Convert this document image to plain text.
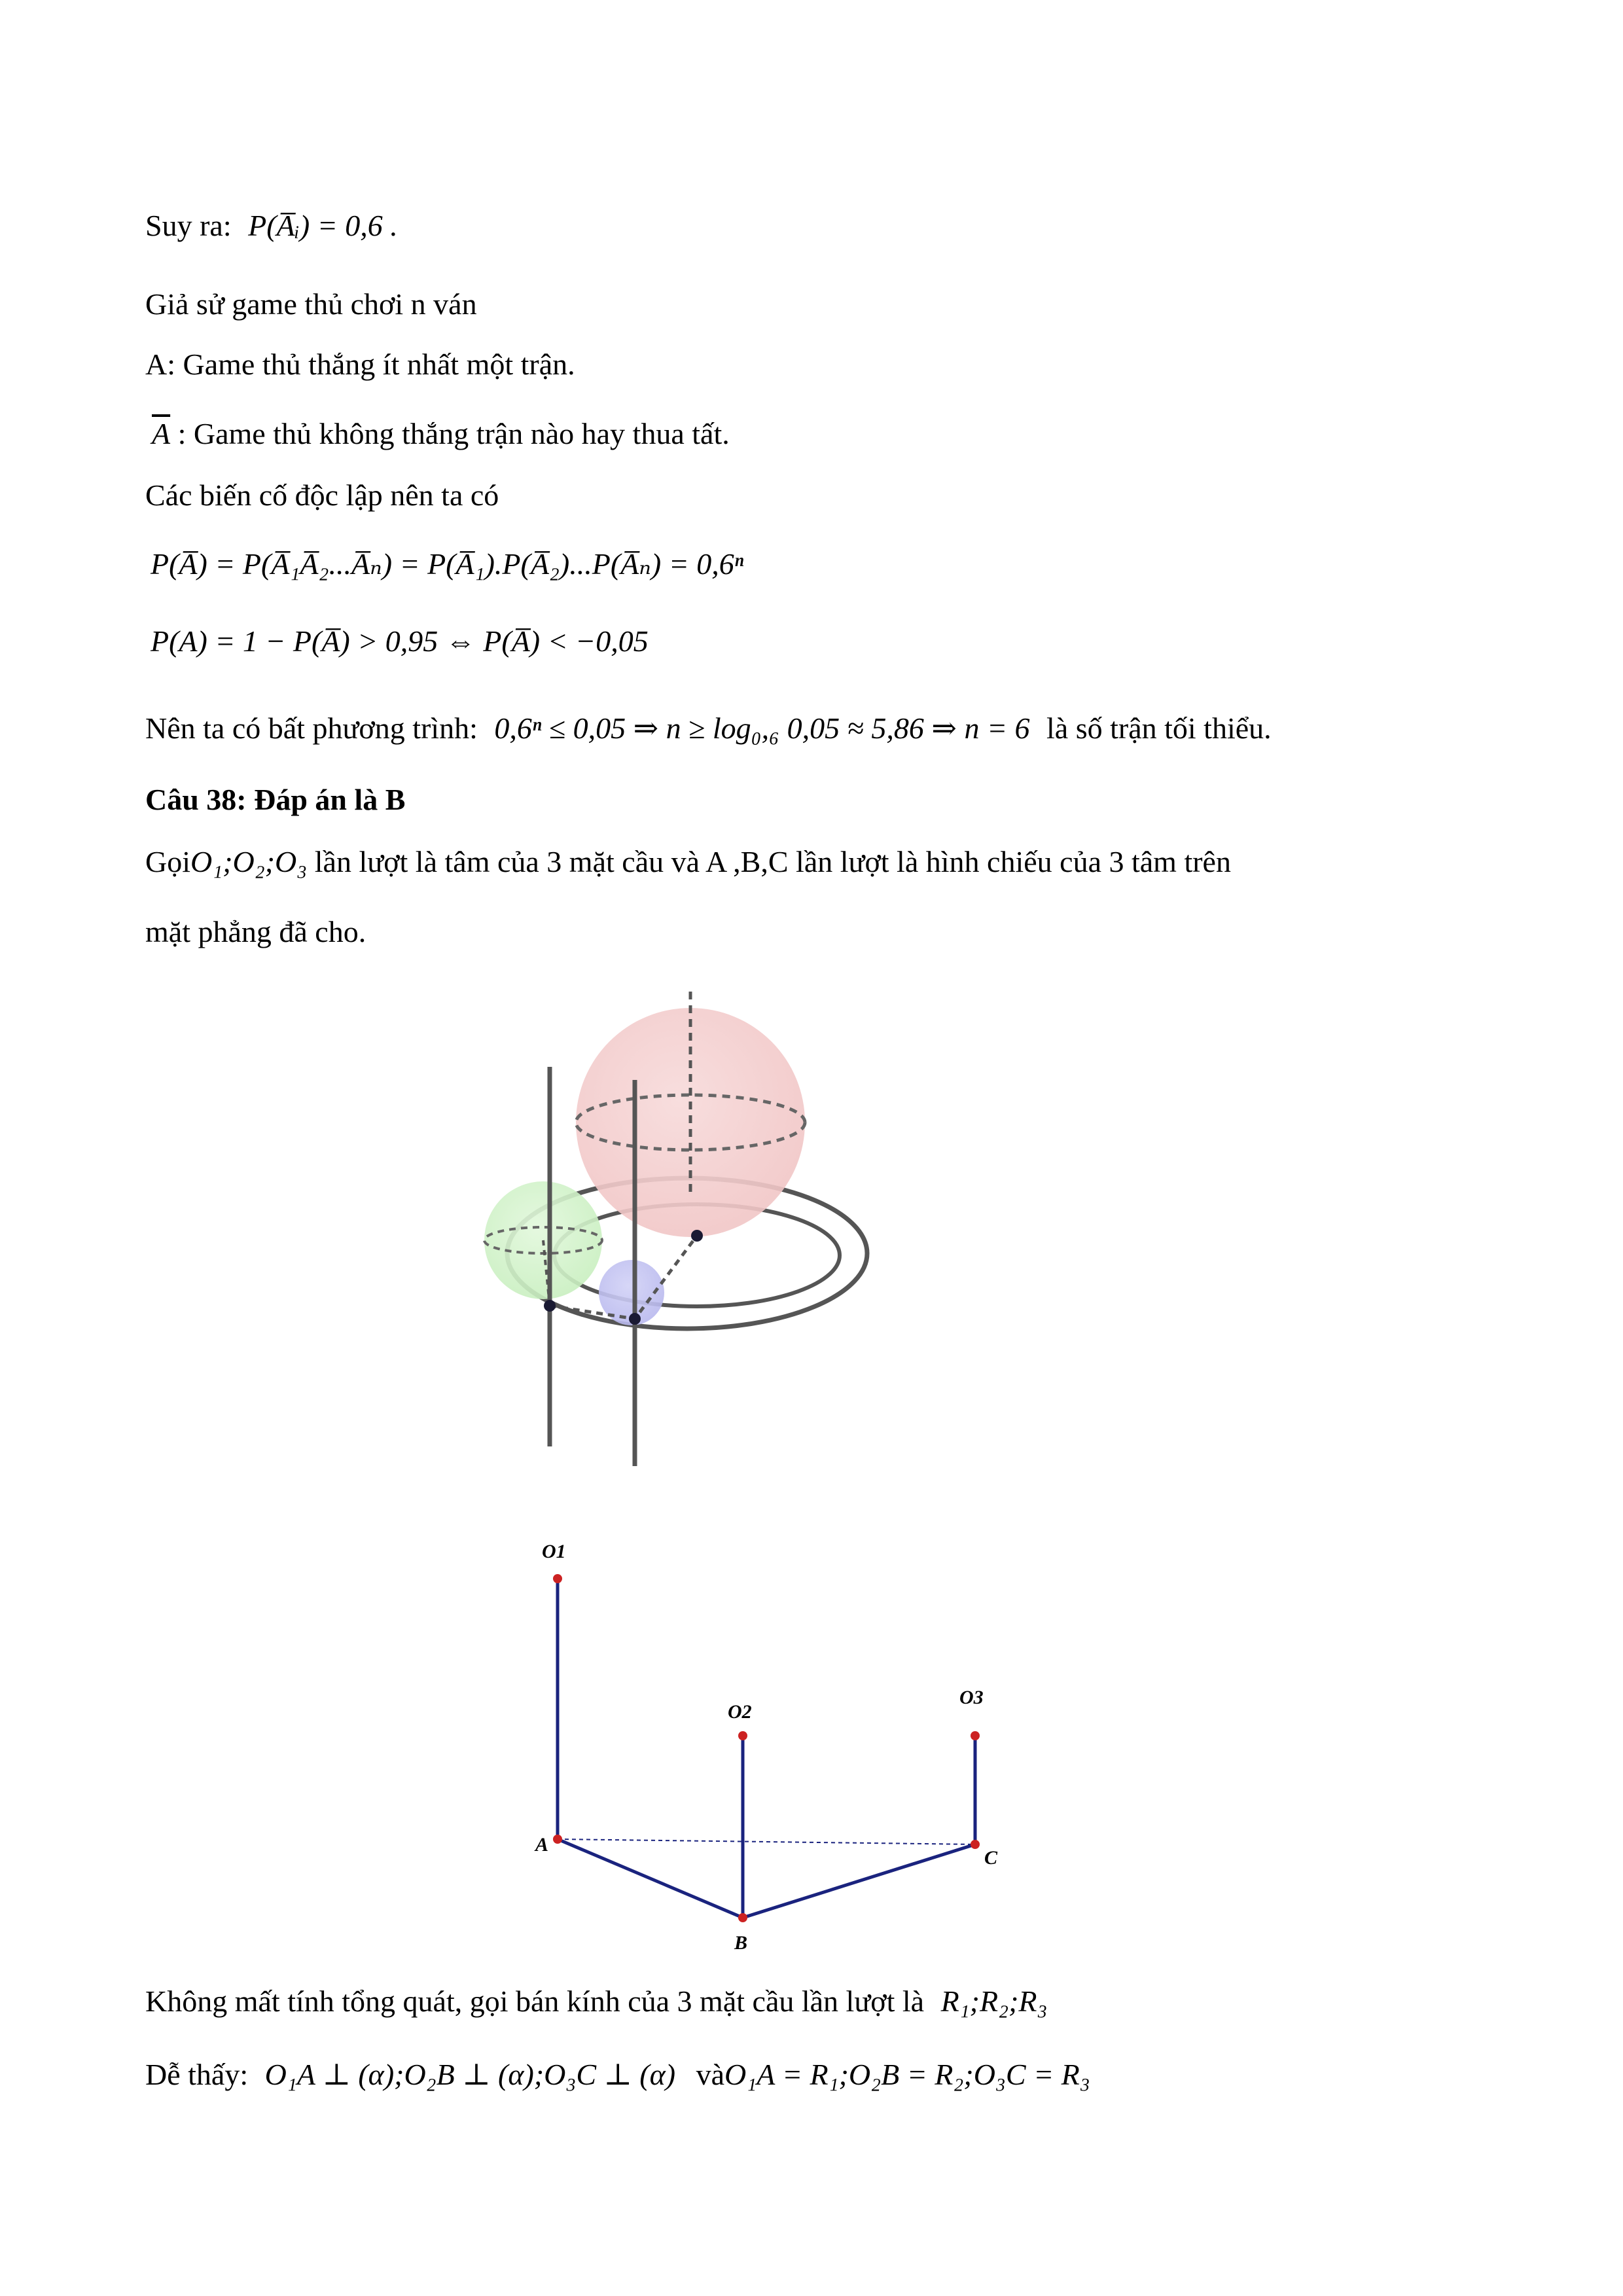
Suy ra: P(A̅ᵢ) = 0,6 .
Giả sử game thủ chơi n ván
A: Game thủ thắng ít nhất một trận.
$\overline{A}$ : Game thủ không thắng trận nào hay thua tất.
Các biến cố độc lập nên ta có
P(A̅) = P(A̅₁A̅₂...A̅ₙ) = P(A̅₁).P(A̅₂)...P(A̅ₙ) = 0,6ⁿ
P(A) = 1 − P(A̅) > 0,95 ⇔ P(A̅) < −0,05
Nên ta có bất phương trình: 0,6ⁿ ≤ 0,05 ⇒ n ≥ log₀,₆ 0,05 ≈ 5,86 ⇒ n = 6 là số trận tối thiểu.
Câu 38: Đáp án là B
GọiO₁;O₂;O₃ lần lượt là tâm của 3 mặt cầu và A ,B,C lần lượt là hình chiếu của 3 tâm trên
mặt phẳng đã cho.
O1
O2
O3
A
B
C
Không mất tính tổng quát, gọi bán kính của 3 mặt cầu lần lượt là R₁;R₂;R₃
Dễ thấy: O₁A ⊥ (α);O₂B ⊥ (α);O₃C ⊥ (α) vàO₁A = R₁;O₂B = R₂;O₃C = R₃
